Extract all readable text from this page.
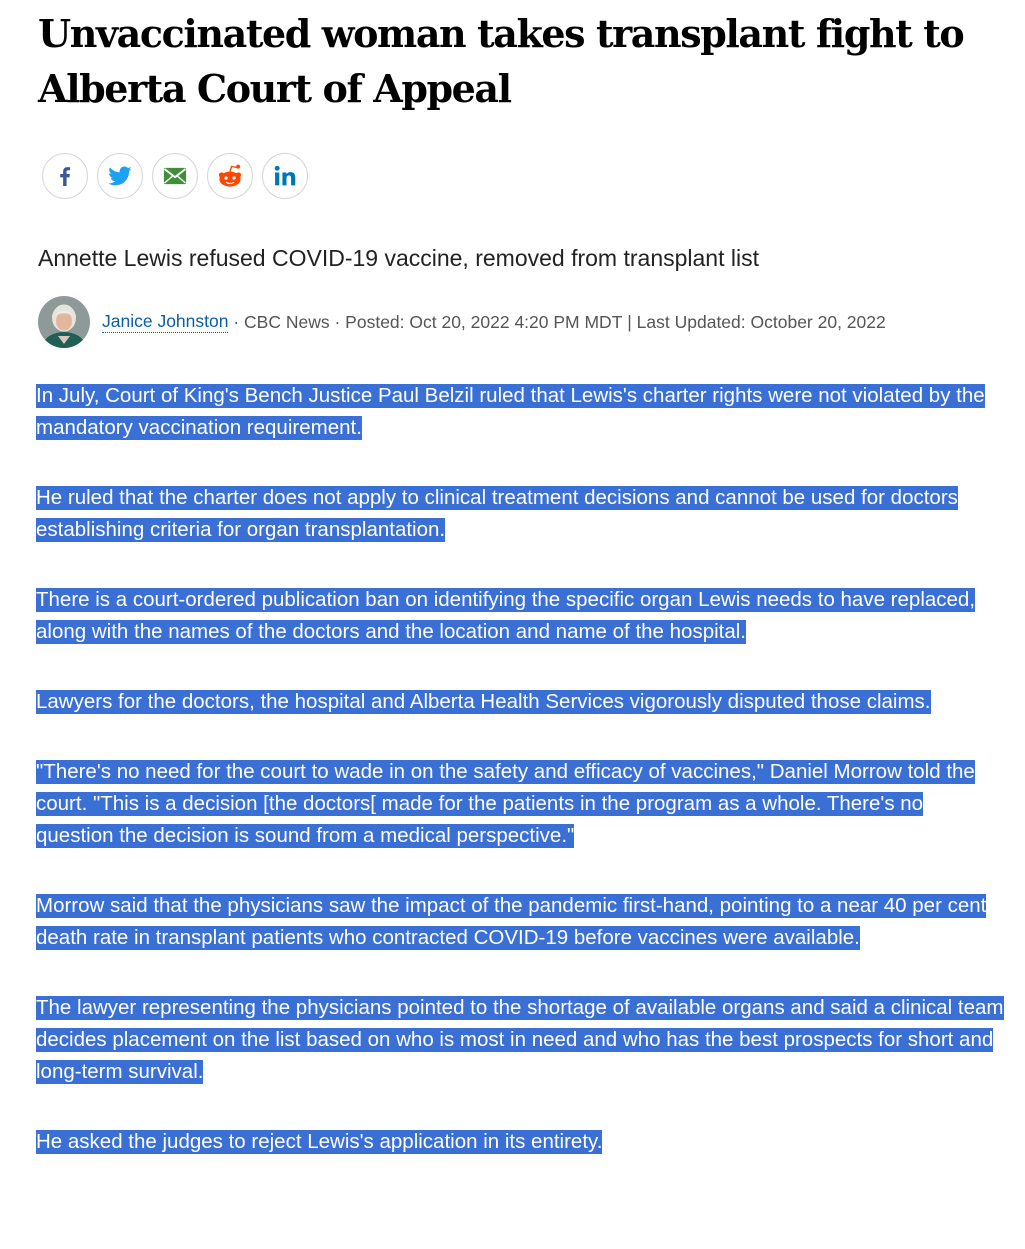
Unvaccinated woman takes transplant fight to Alberta Court of Appeal
Annette Lewis refused COVID-19 vaccine, removed from transplant list
Janice Johnston · CBC News · Posted: Oct 20, 2022 4:20 PM MDT | Last Updated: October 20, 2022

In July, Court of King's Bench Justice Paul Belzil ruled that Lewis's charter rights were not violated by the mandatory vaccination requirement.

He ruled that the charter does not apply to clinical treatment decisions and cannot be used for doctors establishing criteria for organ transplantation.

There is a court-ordered publication ban on identifying the specific organ Lewis needs to have replaced, along with the names of the doctors and the location and name of the hospital.

Lawyers for the doctors, the hospital and Alberta Health Services vigorously disputed those claims.

"There's no need for the court to wade in on the safety and efficacy of vaccines," Daniel Morrow told the court. "This is a decision [the doctors[ made for the patients in the program as a whole. There's no question the decision is sound from a medical perspective."

Morrow said that the physicians saw the impact of the pandemic first-hand, pointing to a near 40 per cent death rate in transplant patients who contracted COVID-19 before vaccines were available.

The lawyer representing the physicians pointed to the shortage of available organs and said a clinical team decides placement on the list based on who is most in need and who has the best prospects for short and long-term survival.

He asked the judges to reject Lewis's application in its entirety.
